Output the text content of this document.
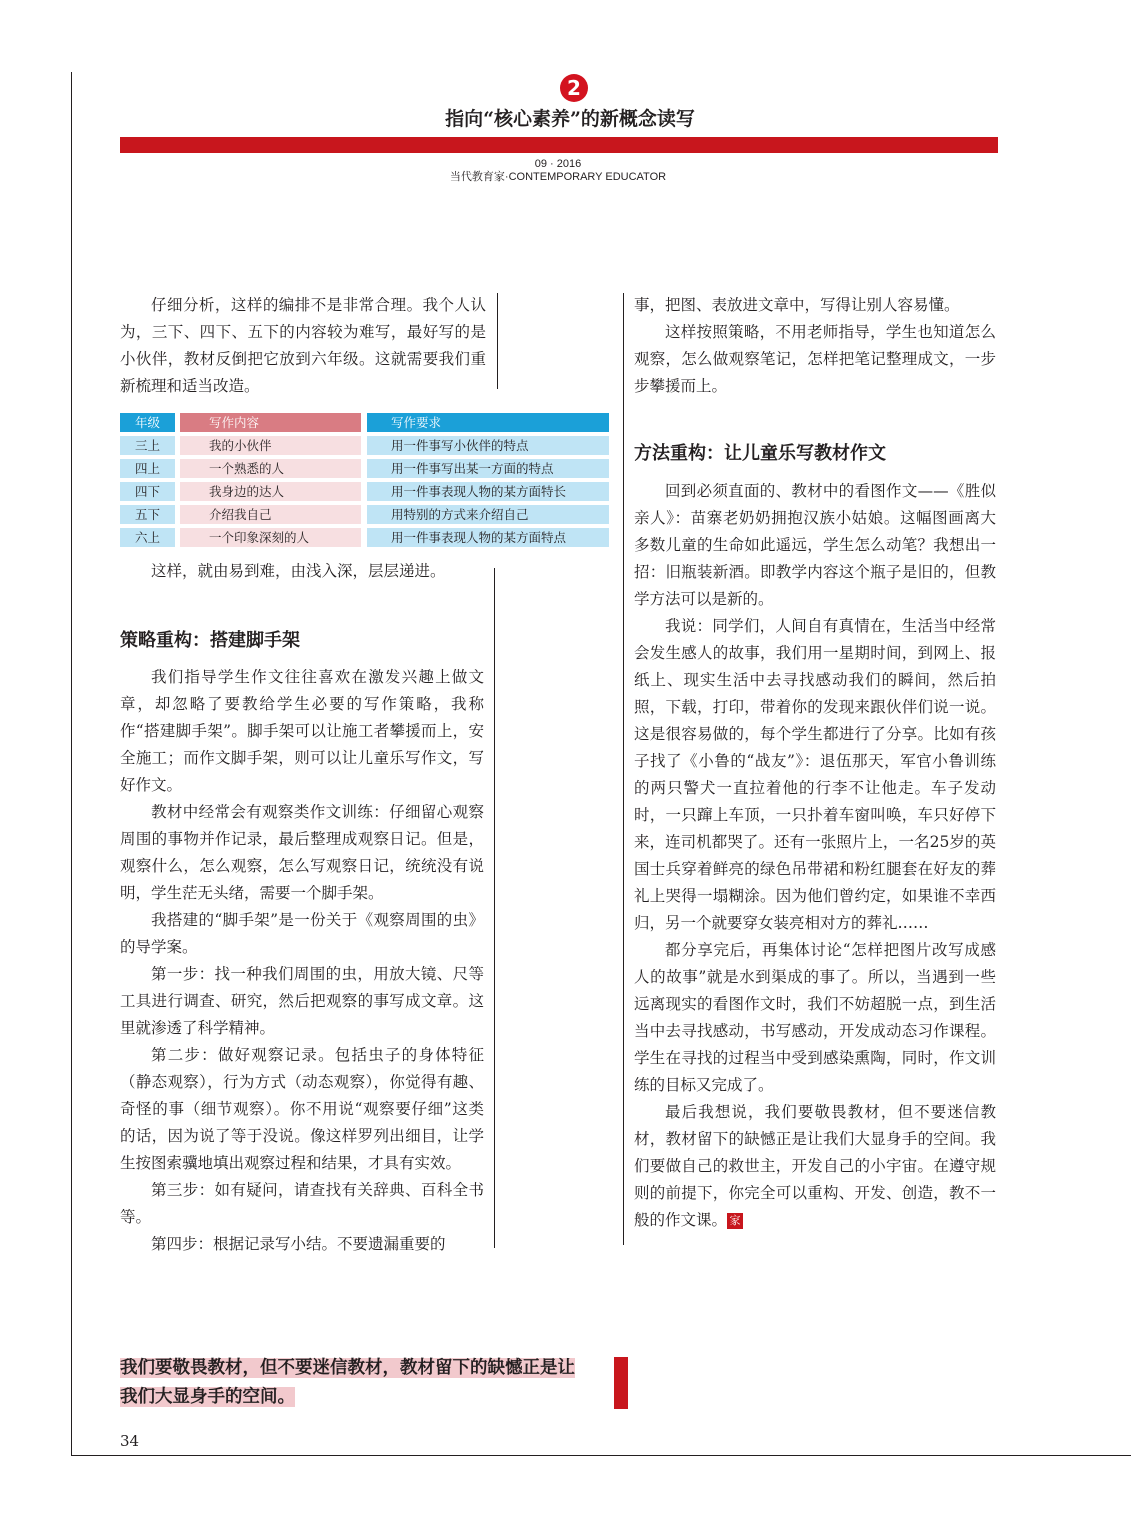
2
指向“核心素养”的新概念读写
09 · 2016
当代教育家·CONTEMPORARY EDUCATOR

仔细分析，这样的编排不是非常合理。我个人认为，三下、四下、五下的内容较为难写，最好写的是小伙伴，教材反倒把它放到六年级。这就需要我们重新梳理和适当改造。

年级	写作内容	写作要求
三上	我的小伙伴	用一件事写小伙伴的特点
四上	一个熟悉的人	用一件事写出某一方面的特点
四下	我身边的达人	用一件事表现人物的某方面特长
五下	介绍我自己	用特别的方式来介绍自己
六上	一个印象深刻的人	用一件事表现人物的某方面特点

这样，就由易到难，由浅入深，层层递进。

策略重构：搭建脚手架

我们指导学生作文往往喜欢在激发兴趣上做文章，却忽略了要教给学生必要的写作策略，我称作“搭建脚手架”。脚手架可以让施工者攀援而上，安全施工；而作文脚手架，则可以让儿童乐写作文，写好作文。

教材中经常会有观察类作文训练：仔细留心观察周围的事物并作记录，最后整理成观察日记。但是，观察什么，怎么观察，怎么写观察日记，统统没有说明，学生茫无头绪，需要一个脚手架。

我搭建的“脚手架”是一份关于《观察周围的虫》的导学案。

第一步：找一种我们周围的虫，用放大镜、尺等工具进行调查、研究，然后把观察的事写成文章。这里就渗透了科学精神。

第二步：做好观察记录。包括虫子的身体特征（静态观察），行为方式（动态观察），你觉得有趣、奇怪的事（细节观察）。你不用说“观察要仔细”这类的话，因为说了等于没说。像这样罗列出细目，让学生按图索骥地填出观察过程和结果，才具有实效。

第三步：如有疑问，请查找有关辞典、百科全书等。

第四步：根据记录写小结。不要遗漏重要的

事，把图、表放进文章中，写得让别人容易懂。

这样按照策略，不用老师指导，学生也知道怎么观察，怎么做观察笔记，怎样把笔记整理成文，一步步攀援而上。

方法重构：让儿童乐写教材作文

回到必须直面的、教材中的看图作文——《胜似亲人》：苗寨老奶奶拥抱汉族小姑娘。这幅图画离大多数儿童的生命如此遥远，学生怎么动笔？我想出一招：旧瓶装新酒。即教学内容这个瓶子是旧的，但教学方法可以是新的。

我说：同学们，人间自有真情在，生活当中经常会发生感人的故事，我们用一星期时间，到网上、报纸上、现实生活中去寻找感动我们的瞬间，然后拍照，下载，打印，带着你的发现来跟伙伴们说一说。这是很容易做的，每个学生都进行了分享。比如有孩子找了《小鲁的“战友”》：退伍那天，军官小鲁训练的两只警犬一直拉着他的行李不让他走。车子发动时，一只蹿上车顶，一只扑着车窗叫唤，车只好停下来，连司机都哭了。还有一张照片上，一名25岁的英国士兵穿着鲜亮的绿色吊带裙和粉红腿套在好友的葬礼上哭得一塌糊涂。因为他们曾约定，如果谁不幸西归，另一个就要穿女装亮相对方的葬礼……

都分享完后，再集体讨论“怎样把图片改写成感人的故事”就是水到渠成的事了。所以，当遇到一些远离现实的看图作文时，我们不妨超脱一点，到生活当中去寻找感动，书写感动，开发成动态习作课程。学生在寻找的过程当中受到感染熏陶，同时，作文训练的目标又完成了。

最后我想说，我们要敬畏教材，但不要迷信教材，教材留下的缺憾正是让我们大显身手的空间。我们要做自己的救世主，开发自己的小宇宙。在遵守规则的前提下，你完全可以重构、开发、创造，教不一般的作文课。 家

我们要敬畏教材，但不要迷信教材，教材留下的缺憾正是让我们大显身手的空间。
34
